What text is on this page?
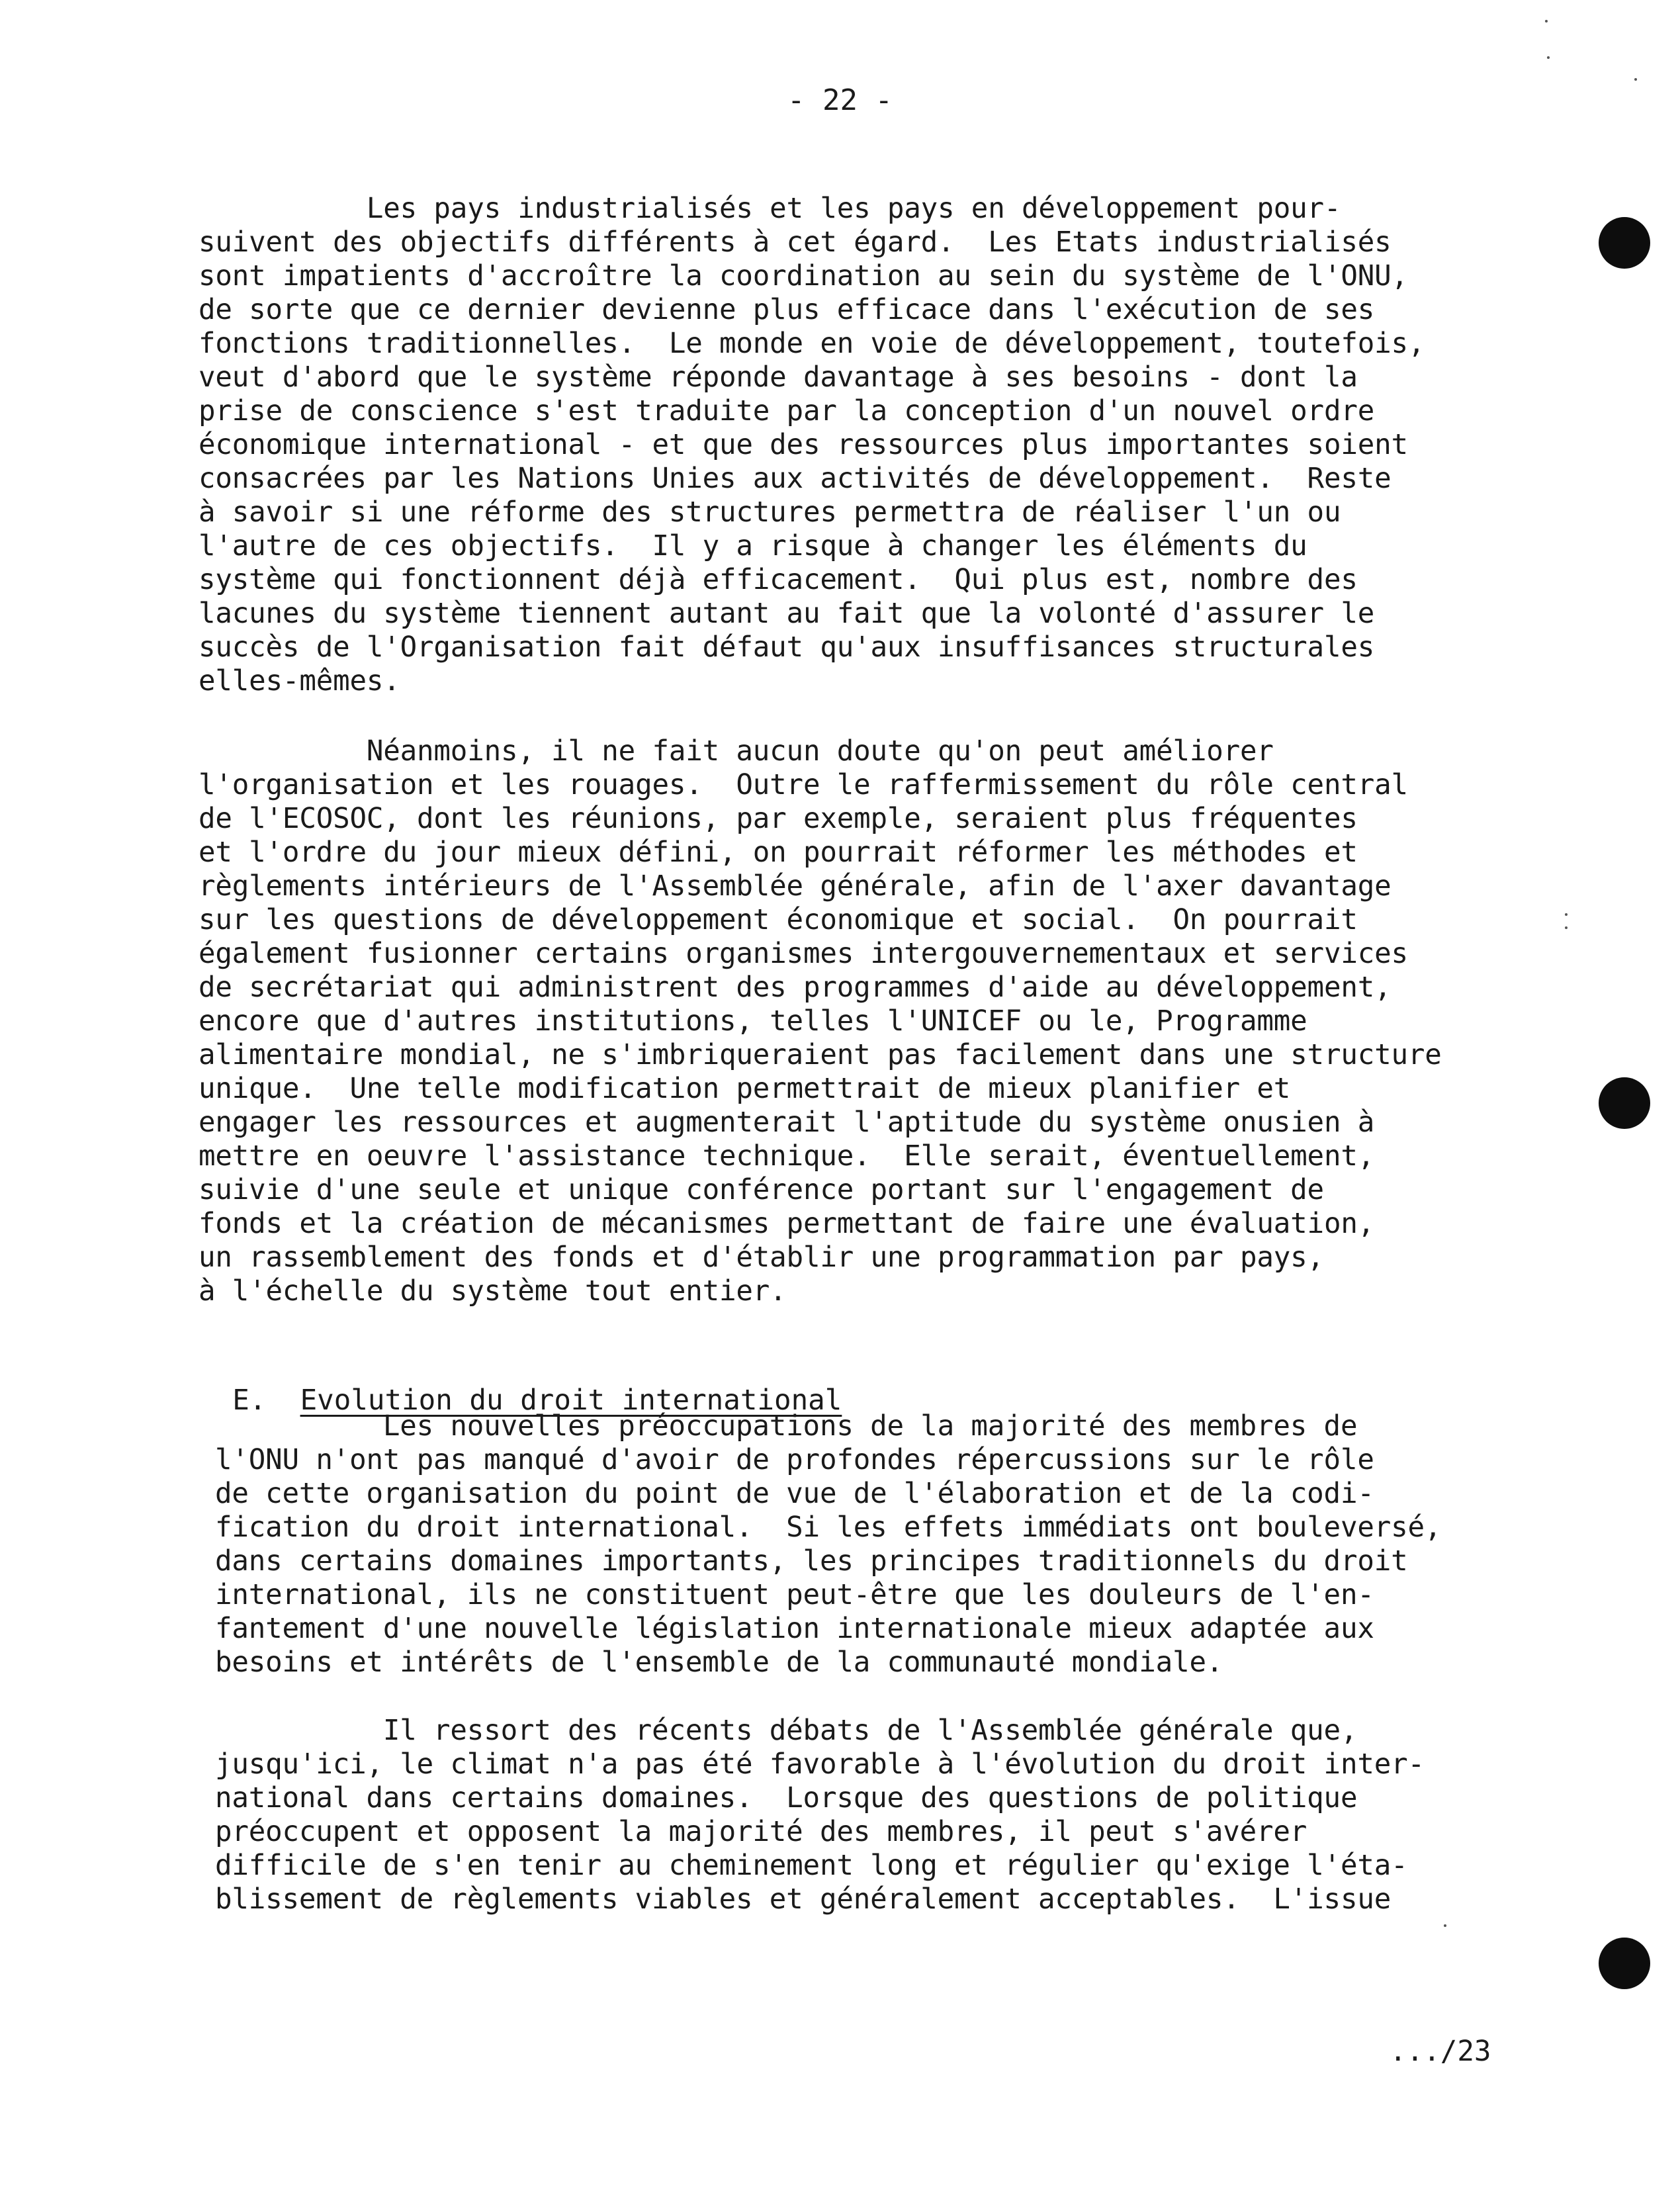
- 22 -
Les pays industrialisés et les pays en développement pour-
suivent des objectifs différents à cet égard.  Les Etats industrialisés
sont impatients d'accroître la coordination au sein du système de l'ONU,
de sorte que ce dernier devienne plus efficace dans l'exécution de ses
fonctions traditionnelles.  Le monde en voie de développement, toutefois,
veut d'abord que le système réponde davantage à ses besoins - dont la
prise de conscience s'est traduite par la conception d'un nouvel ordre
économique international - et que des ressources plus importantes soient
consacrées par les Nations Unies aux activités de développement.  Reste
à savoir si une réforme des structures permettra de réaliser l'un ou
l'autre de ces objectifs.  Il y a risque à changer les éléments du
système qui fonctionnent déjà efficacement.  Qui plus est, nombre des
lacunes du système tiennent autant au fait que la volonté d'assurer le
succès de l'Organisation fait défaut qu'aux insuffisances structurales
elles-mêmes.
Néanmoins, il ne fait aucun doute qu'on peut améliorer
l'organisation et les rouages.  Outre le raffermissement du rôle central
de l'ECOSOC, dont les réunions, par exemple, seraient plus fréquentes
et l'ordre du jour mieux défini, on pourrait réformer les méthodes et
règlements intérieurs de l'Assemblée générale, afin de l'axer davantage
sur les questions de développement économique et social.  On pourrait
également fusionner certains organismes intergouvernementaux et services
de secrétariat qui administrent des programmes d'aide au développement,
encore que d'autres institutions, telles l'UNICEF ou le, Programme
alimentaire mondial, ne s'imbriqueraient pas facilement dans une structure
unique.  Une telle modification permettrait de mieux planifier et
engager les ressources et augmenterait l'aptitude du système onusien à
mettre en oeuvre l'assistance technique.  Elle serait, éventuellement,
suivie d'une seule et unique conférence portant sur l'engagement de
fonds et la création de mécanismes permettant de faire une évaluation,
un rassemblement des fonds et d'établir une programmation par pays,
à l'échelle du système tout entier.

E. Evolution du droit international

Les nouvelles préoccupations de la majorité des membres de
l'ONU n'ont pas manqué d'avoir de profondes répercussions sur le rôle
de cette organisation du point de vue de l'élaboration et de la codi-
fication du droit international.  Si les effets immédiats ont bouleversé,
dans certains domaines importants, les principes traditionnels du droit
international, ils ne constituent peut-être que les douleurs de l'en-
fantement d'une nouvelle législation internationale mieux adaptée aux
besoins et intérêts de l'ensemble de la communauté mondiale.
Il ressort des récents débats de l'Assemblée générale que,
jusqu'ici, le climat n'a pas été favorable à l'évolution du droit inter-
national dans certains domaines.  Lorsque des questions de politique
préoccupent et opposent la majorité des membres, il peut s'avérer
difficile de s'en tenir au cheminement long et régulier qu'exige l'éta-
blissement de règlements viables et généralement acceptables.  L'issue
.../23
